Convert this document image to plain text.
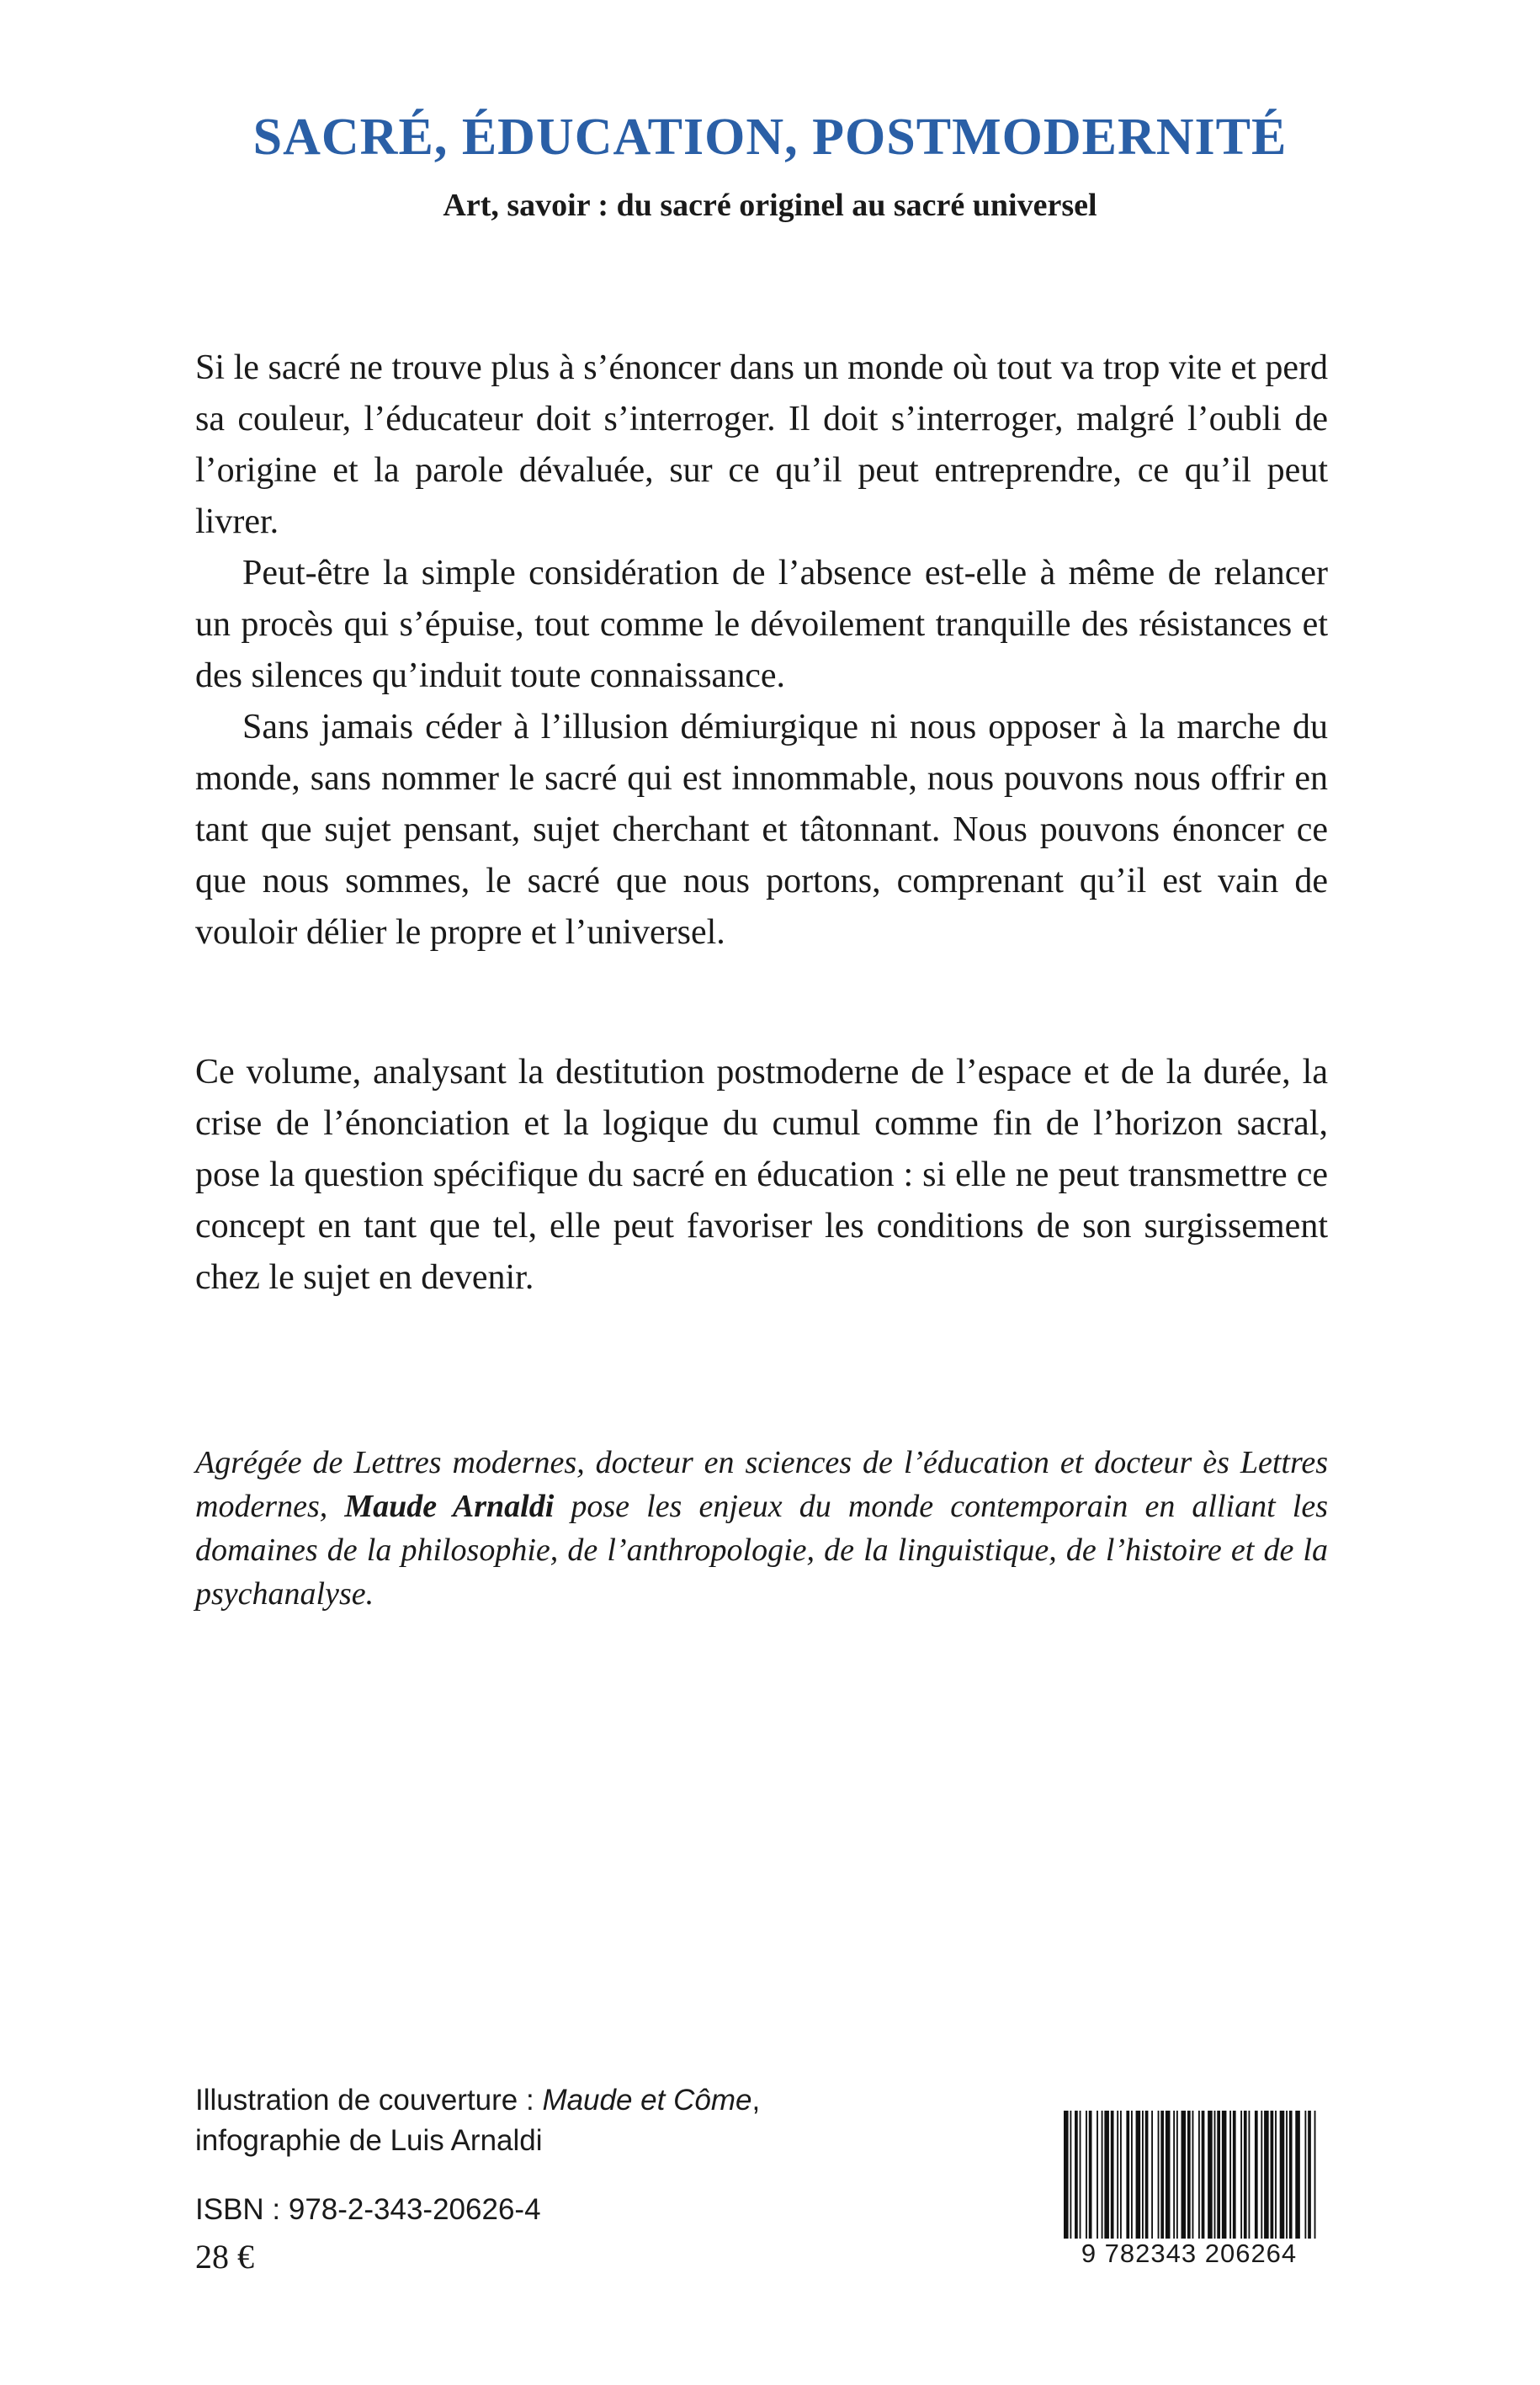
SACRÉ, ÉDUCATION, POSTMODERNITÉ
Art, savoir : du sacré originel au sacré universel

Si le sacré ne trouve plus à s’énoncer dans un monde où tout va trop vite et perd sa couleur, l’éducateur doit s’interroger. Il doit s’interroger, malgré l’oubli de l’origine et la parole dévaluée, sur ce qu’il peut entreprendre, ce qu’il peut livrer.

Peut-être la simple considération de l’absence est-elle à même de relancer un procès qui s’épuise, tout comme le dévoilement tranquille des résistances et des silences qu’induit toute connaissance.

Sans jamais céder à l’illusion démiurgique ni nous opposer à la marche du monde, sans nommer le sacré qui est innommable, nous pouvons nous offrir en tant que sujet pensant, sujet cherchant et tâtonnant. Nous pouvons énoncer ce que nous sommes, le sacré que nous portons, comprenant qu’il est vain de vouloir délier le propre et l’universel.

Ce volume, analysant la destitution postmoderne de l’espace et de la durée, la crise de l’énonciation et la logique du cumul comme fin de l’horizon sacral, pose la question spécifique du sacré en éducation : si elle ne peut transmettre ce concept en tant que tel, elle peut favoriser les conditions de son surgissement chez le sujet en devenir.

Agrégée de Lettres modernes, docteur en sciences de l’éducation et docteur ès Lettres modernes, Maude Arnaldi pose les enjeux du monde contemporain en alliant les domaines de la philosophie, de l’anthropologie, de la linguistique, de l’histoire et de la psychanalyse.

Illustration de couverture : Maude et Côme,
infographie de Luis Arnaldi
ISBN : 978-2-343-20626-4
28 €	9 782343 206264
